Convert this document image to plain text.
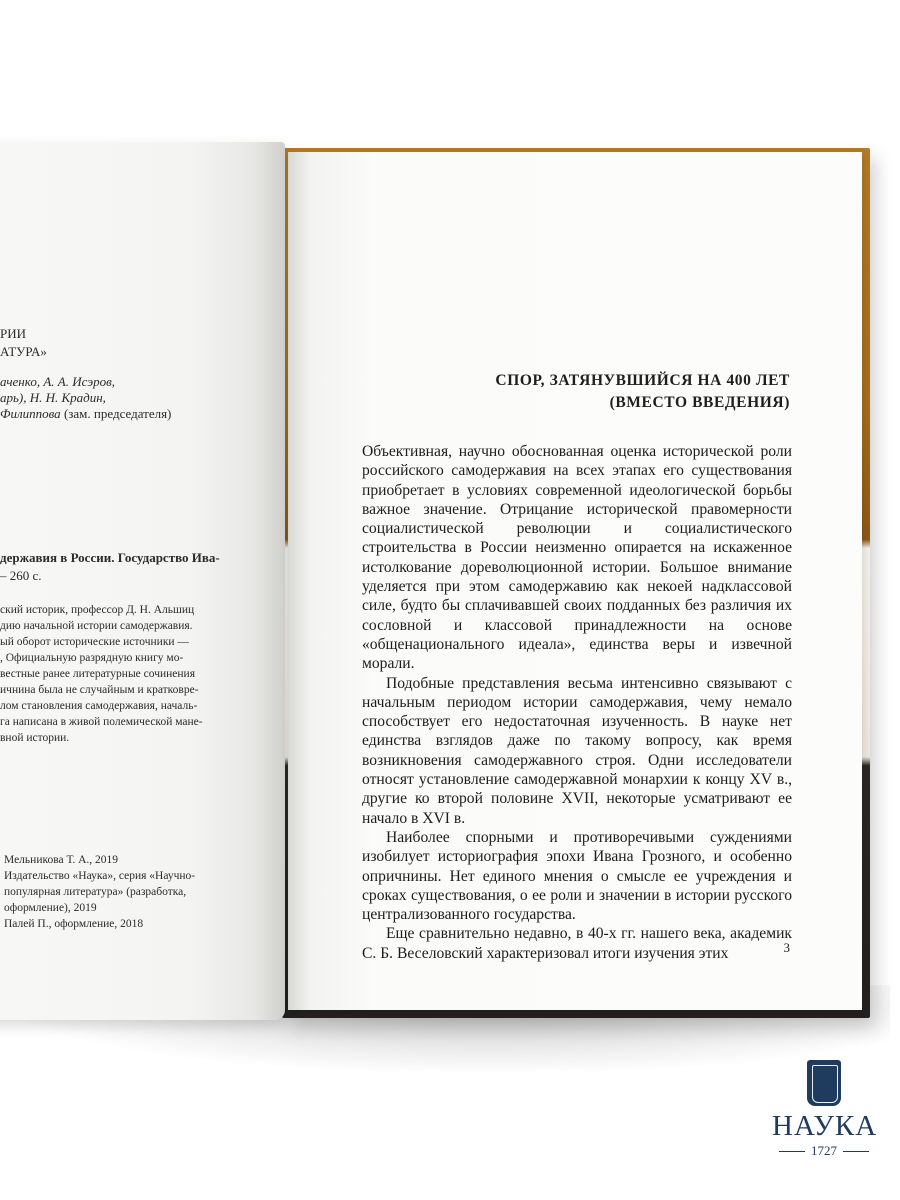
РИИ
АТУРА»
аченко, А. А. Исэров,
арь), Н. Н. Крадин,
Филиппова (зам. председателя)
державия в России. Государство Ива-
– 260 с.
ский историк, профессор Д. Н. Альшиц
дию начальной истории самодержавия.
ый оборот исторические источники —
, Официальную разрядную книгу мо-
вестные ранее литературные сочинения
ичнина была не случайным и кратковре-
лом становления самодержавия, началь-
га написана в живой полемической мане-
вной истории.
Мельникова Т. А., 2019
Издательство «Наука», серия «Научно-
популярная литература» (разработка,
оформление), 2019
Палей П., оформление, 2018
СПОР, ЗАТЯНУВШИЙСЯ НА 400 ЛЕТ
(ВМЕСТО ВВЕДЕНИЯ)

Объективная, научно обоснованная оценка исторической роли российского самодержавия на всех этапах его существования приобретает в условиях современной идеологической борьбы важное значение. Отрицание исторической правомерности социалистической революции и социалистического строительства в России неизменно опирается на искаженное истолкование дореволюционной истории. Большое внимание уделяется при этом самодержавию как некоей надклассовой силе, будто бы сплачивавшей своих подданных без различия их сословной и классовой принадлежности на основе «общенационального идеала», единства веры и извечной морали.

Подобные представления весьма интенсивно связывают с начальным периодом истории самодержавия, чему немало способствует его недостаточная изученность. В науке нет единства взглядов даже по такому вопросу, как время возникновения самодержавного строя. Одни исследователи относят установление самодержавной монархии к концу XV в., другие ко второй половине XVII, некоторые усматривают ее начало в XVI в.

Наиболее спорными и противоречивыми суждениями изобилует историография эпохи Ивана Грозного, и особенно опричнины. Нет единого мнения о смысле ее учреждения и сроках существования, о ее роли и значении в истории русского централизованного государства.

Еще сравнительно недавно, в 40-х гг. нашего века, академик С. Б. Веселовский характеризовал итоги изучения этих	3
НАУКА
1727
